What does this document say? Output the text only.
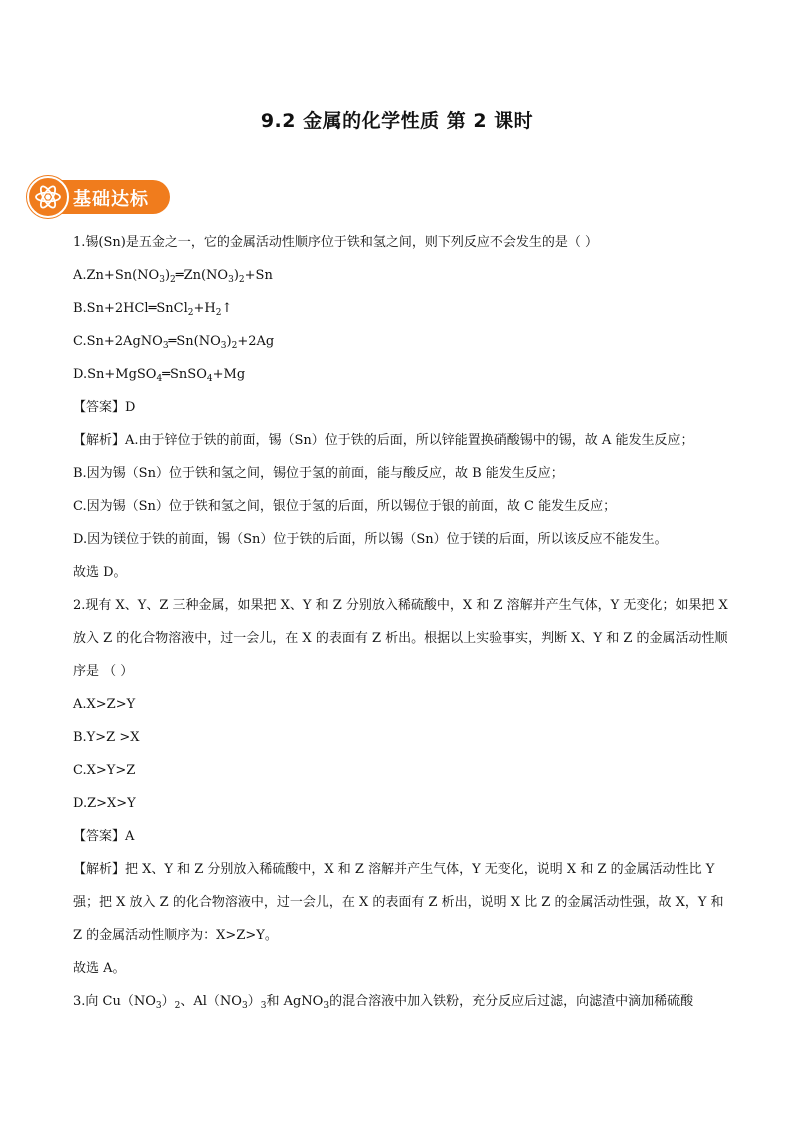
9.2 金属的化学性质 第 2 课时
基础达标
1.锡(Sn)是五金之一，它的金属活动性顺序位于铁和氢之间，则下列反应不会发生的是（ ）
$A.Zn+Sn(NO_3)_2═Zn(NO_3)_2+Sn$
$B.Sn+2HCl═SnCl_2+H_2↑$
$C.Sn+2AgNO_3═Sn(NO_3)_2+2Ag$
D.Sn+MgSO$_4$═SnSO$_4$+Mg
【答案】D
【解析】A.由于锌位于铁的前面，锡（Sn）位于铁的后面，所以锌能置换硝酸锡中的锡，故 A 能发生反应；
B.因为锡（Sn）位于铁和氢之间，锡位于氢的前面，能与酸反应，故 B 能发生反应；
C.因为锡（Sn）位于铁和氢之间，银位于氢的后面，所以锡位于银的前面，故 C 能发生反应；
D.因为镁位于铁的前面，锡（Sn）位于铁的后面，所以锡（Sn）位于镁的后面，所以该反应不能发生。
故选 D。
2.现有 X、Y、Z 三种金属，如果把 X、Y 和 Z 分别放入稀硫酸中，X 和 Z 溶解并产生气体，Y 无变化；如果把 X 放入 Z 的化合物溶液中，过一会儿，在 X 的表面有 Z 析出。根据以上实验事实，判断 X、Y 和 Z 的金属活动性顺序是 （ ）
A.X>Z>Y
B.Y>Z >X
C.X>Y>Z
D.Z>X>Y
【答案】A
【解析】把 X、Y 和 Z 分别放入稀硫酸中，X 和 Z 溶解并产生气体，Y 无变化，说明 X 和 Z 的金属活动性比 Y 强；把 X 放入 Z 的化合物溶液中，过一会儿，在 X 的表面有 Z 析出，说明 X 比 Z 的金属活动性强，故 X，Y 和 Z 的金属活动性顺序为：X>Z>Y。
故选 A。
3.向 $Cu(NO_3)_2$、$Al(NO_3)_3$和 AgNO$_3$的混合溶液中加入铁粉，充分反应后过滤，向滤渣中滴加稀硫酸
